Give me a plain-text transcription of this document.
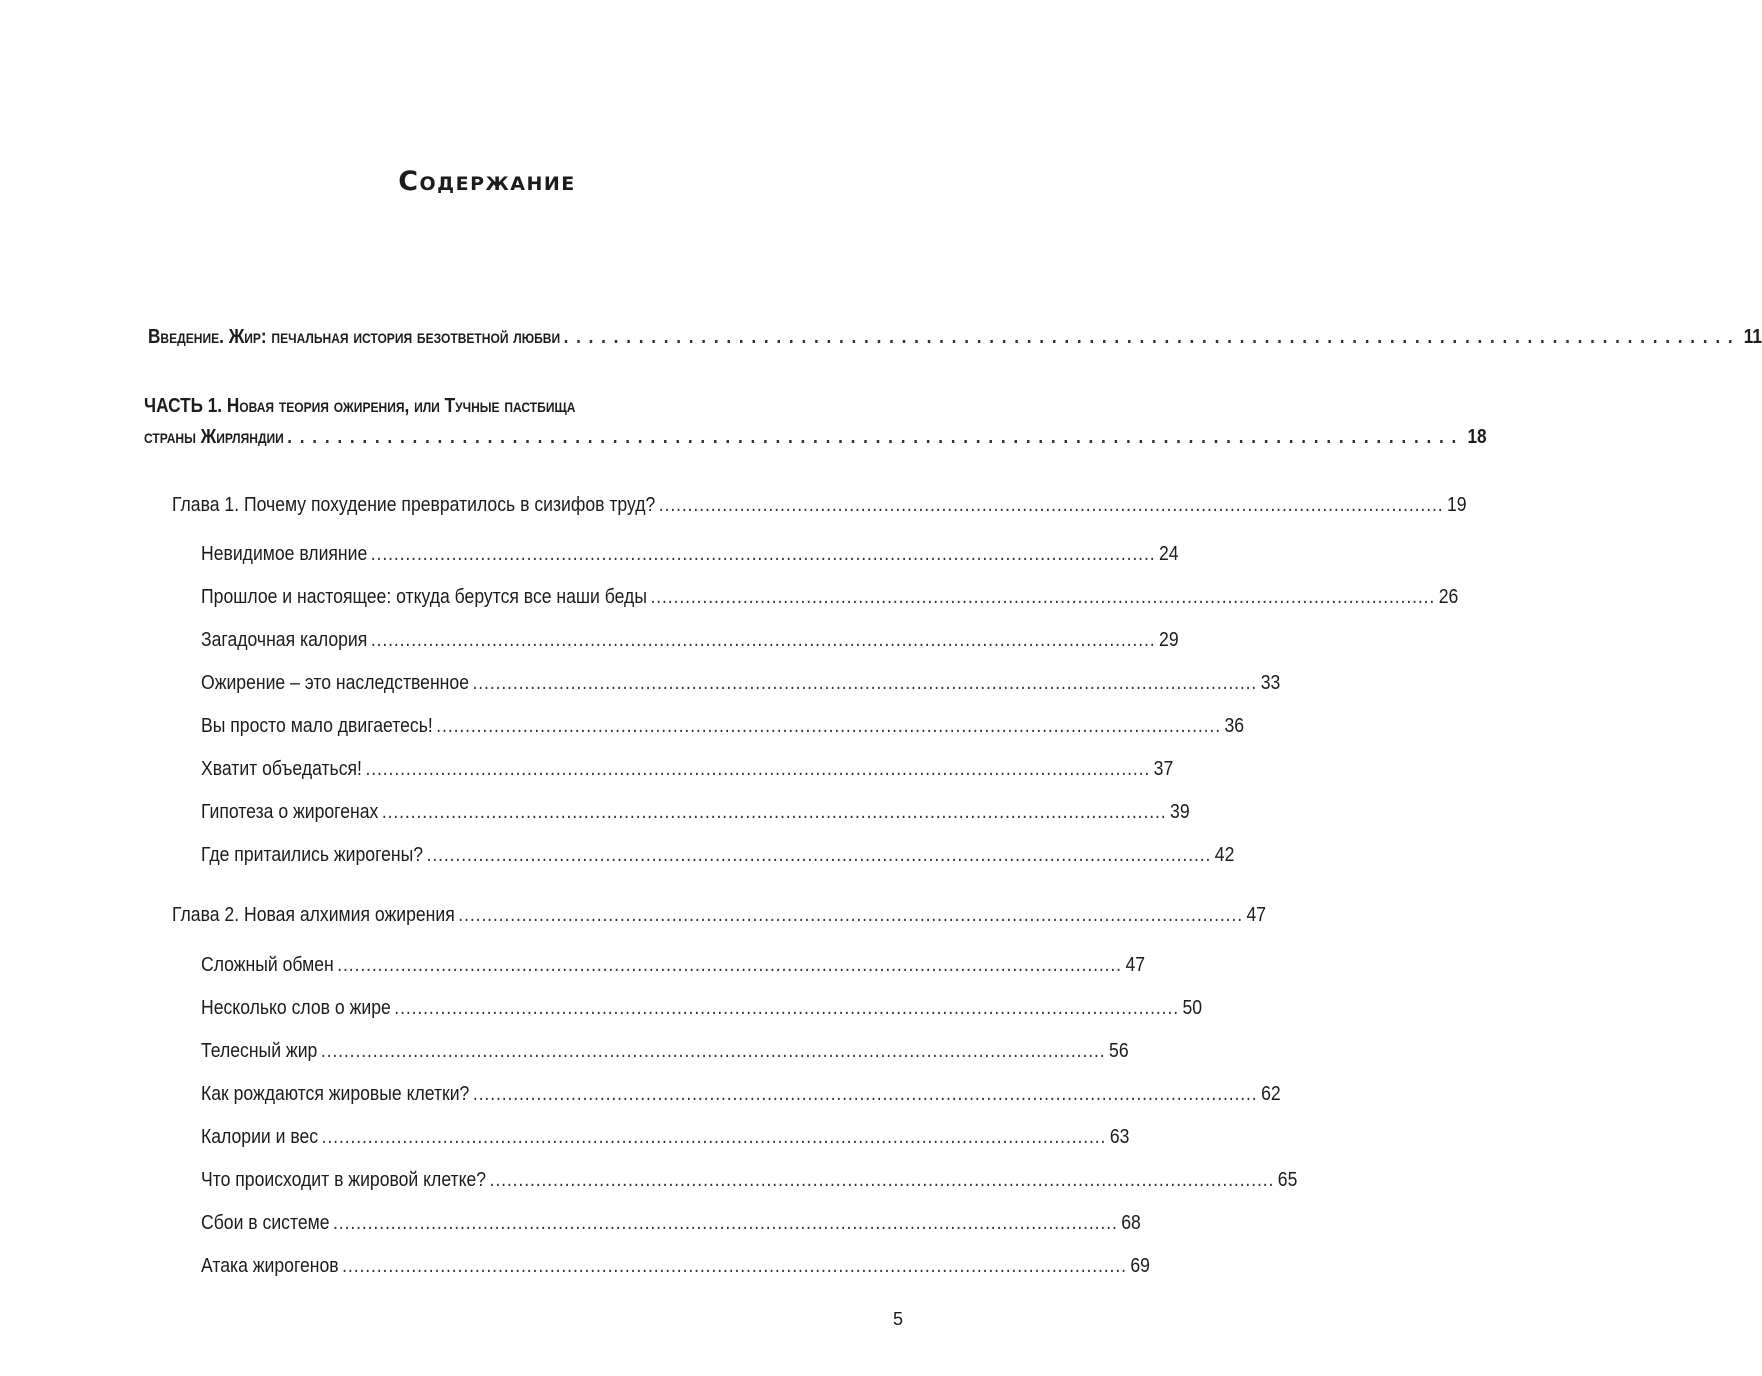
Содержание
Введение. Жир: печальная история безответной любви .............................................................................................. 11
ЧАСТЬ 1. Новая теория ожирения, или Тучные пастбища
страны Жирляндии .............................................................................................. 18
Глава 1. Почему похудение превратилось в сизифов труд? ........................................................................................................................................ 19
Невидимое влияние ........................................................................................................................................ 24
Прошлое и настоящее: откуда берутся все наши беды ........................................................................................................................................ 26
Загадочная калория ........................................................................................................................................ 29
Ожирение – это наследственное ........................................................................................................................................ 33
Вы просто мало двигаетесь! ........................................................................................................................................ 36
Хватит объедаться! ........................................................................................................................................ 37
Гипотеза о жирогенах ........................................................................................................................................ 39
Где притаились жирогены? ........................................................................................................................................ 42
Глава 2. Новая алхимия ожирения ........................................................................................................................................ 47
Сложный обмен ........................................................................................................................................ 47
Несколько слов о жире ........................................................................................................................................ 50
Телесный жир ........................................................................................................................................ 56
Как рождаются жировые клетки? ........................................................................................................................................ 62
Калории и вес ........................................................................................................................................ 63
Что происходит в жировой клетке? ........................................................................................................................................ 65
Сбои в системе ........................................................................................................................................ 68
Атака жирогенов ........................................................................................................................................ 69
5
